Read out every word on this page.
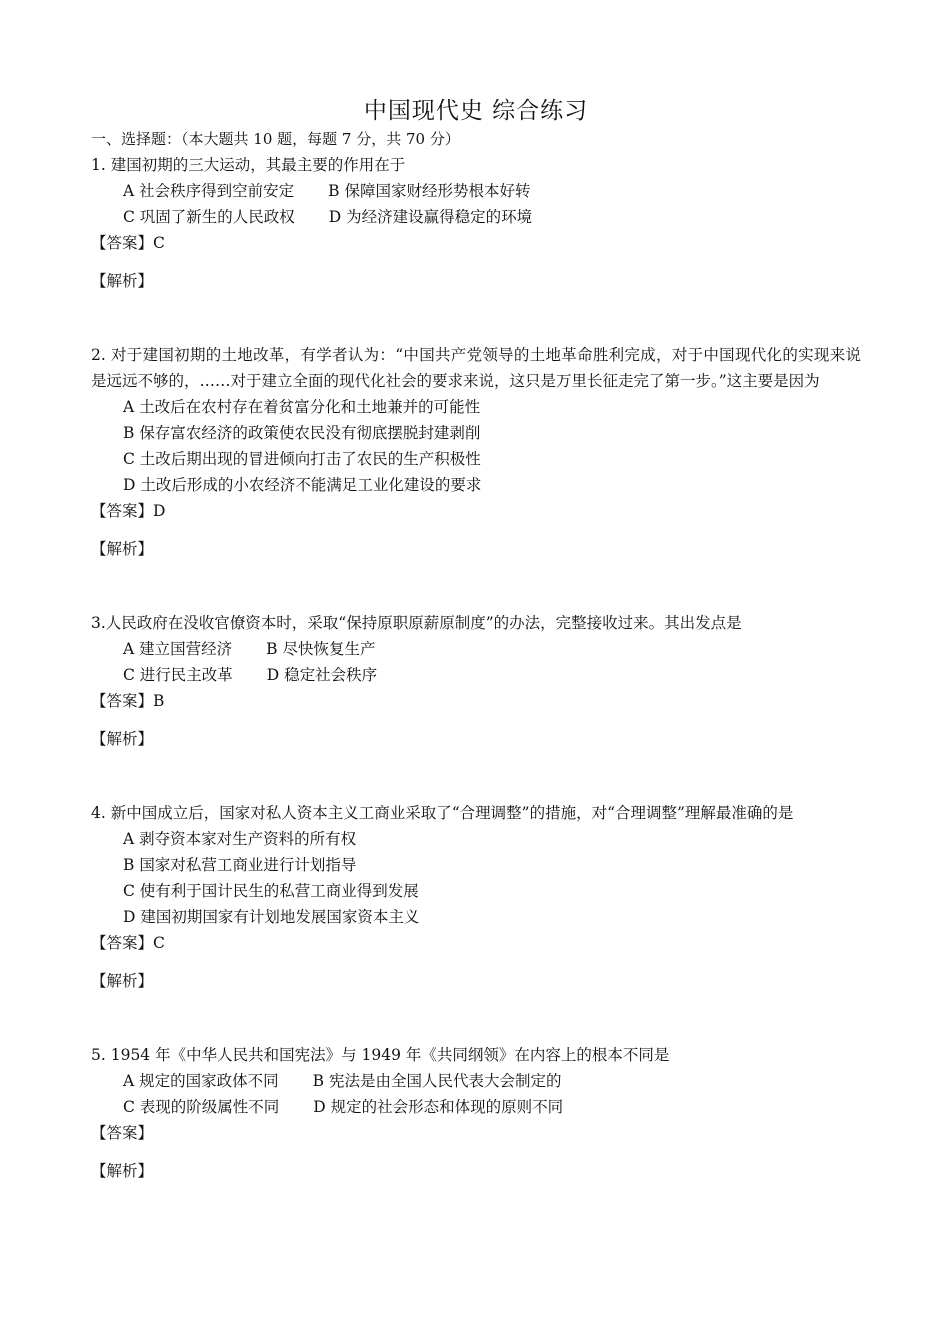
中国现代史 综合练习
一、选择题：（本大题共 10 题，每题 7 分，共 70 分）
1. 建国初期的三大运动，其最主要的作用在于
A 社会秩序得到空前安定 B 保障国家财经形势根本好转
C 巩固了新生的人民政权 D 为经济建设赢得稳定的环境
【答案】C
【解析】
2. 对于建国初期的土地改革，有学者认为：“中国共产党领导的土地革命胜利完成，对于中国现代化的实现来说是远远不够的，……对于建立全面的现代化社会的要求来说，这只是万里长征走完了第一步。”这主要是因为
A 土改后在农村存在着贫富分化和土地兼并的可能性
B 保存富农经济的政策使农民没有彻底摆脱封建剥削
C 土改后期出现的冒进倾向打击了农民的生产积极性
D 土改后形成的小农经济不能满足工业化建设的要求
【答案】D
【解析】
3.人民政府在没收官僚资本时，采取“保持原职原薪原制度”的办法，完整接收过来。其出发点是
A 建立国营经济 B 尽快恢复生产
C 进行民主改革 D 稳定社会秩序
【答案】B
【解析】
4. 新中国成立后，国家对私人资本主义工商业采取了“合理调整”的措施，对“合理调整”理解最准确的是
A 剥夺资本家对生产资料的所有权
B 国家对私营工商业进行计划指导
C 使有利于国计民生的私营工商业得到发展
D 建国初期国家有计划地发展国家资本主义
【答案】C
【解析】
5. 1954 年《中华人民共和国宪法》与 1949 年《共同纲领》在内容上的根本不同是
A 规定的国家政体不同 B 宪法是由全国人民代表大会制定的
C 表现的阶级属性不同 D 规定的社会形态和体现的原则不同
【答案】
【解析】
